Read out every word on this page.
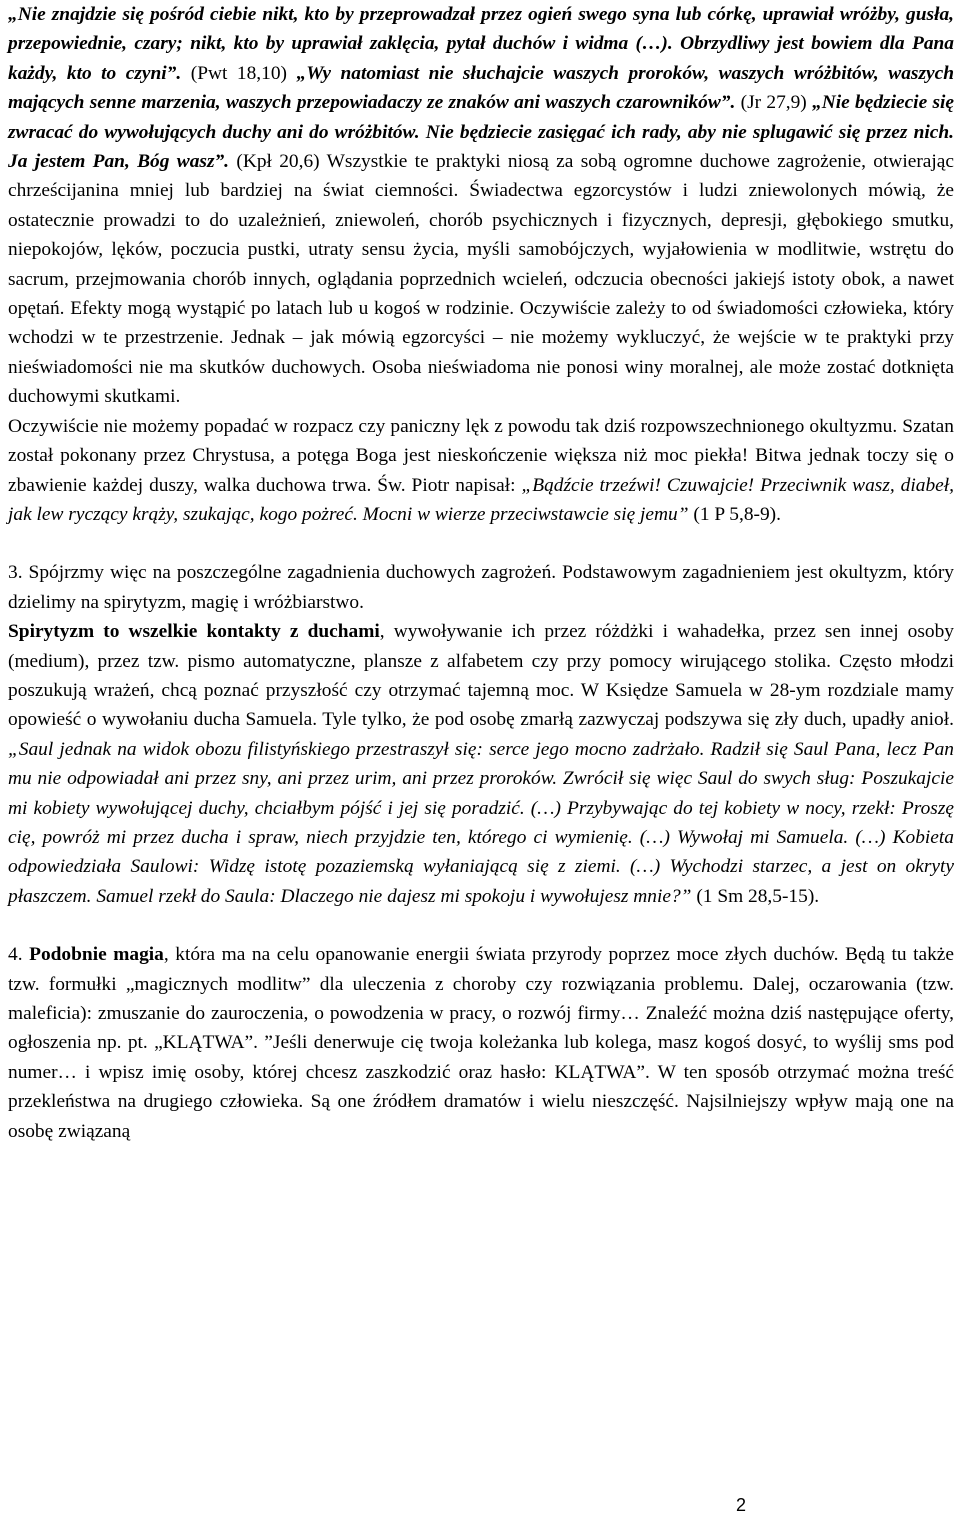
„Nie znajdzie się pośród ciebie nikt, kto by przeprowadzał przez ogień swego syna lub córkę, uprawiał wróżby, gusła, przepowiednie, czary; nikt, kto by uprawiał zaklęcia, pytał duchów i widma (…). Obrzydliwy jest bowiem dla Pana każdy, kto to czyni”. (Pwt 18,10) „Wy natomiast nie słuchajcie waszych proroków, waszych wróżbitów, waszych mających senne marzenia, waszych przepowiadaczy ze znaków ani waszych czarowników”. (Jr 27,9) „Nie będziecie się zwracać do wywołujących duchy ani do wróżbitów. Nie będziecie zasięgać ich rady, aby nie splugawić się przez nich. Ja jestem Pan, Bóg wasz”. (Kpł 20,6) Wszystkie te praktyki niosą za sobą ogromne duchowe zagrożenie, otwierając chrześcijanina mniej lub bardziej na świat ciemności. Świadectwa egzorcystów i ludzi zniewolonych mówią, że ostatecznie prowadzi to do uzależnień, zniewoleń, chorób psychicznych i fizycznych, depresji, głębokiego smutku, niepokojów, lęków, poczucia pustki, utraty sensu życia, myśli samobójczych, wyjałowienia w modlitwie, wstrętu do sacrum, przejmowania chorób innych, oglądania poprzednich wcieleń, odczucia obecności jakiejś istoty obok, a nawet opętań. Efekty mogą wystąpić po latach lub u kogoś w rodzinie. Oczywiście zależy to od świadomości człowieka, który wchodzi w te przestrzenie. Jednak – jak mówią egzorcyści – nie możemy wykluczyć, że wejście w te praktyki przy nieświadomości nie ma skutków duchowych. Osoba nieświadoma nie ponosi winy moralnej, ale może zostać dotknięta duchowymi skutkami.

Oczywiście nie możemy popadać w rozpacz czy paniczny lęk z powodu tak dziś rozpowszechnionego okultyzmu. Szatan został pokonany przez Chrystusa, a potęga Boga jest nieskończenie większa niż moc piekła! Bitwa jednak toczy się o zbawienie każdej duszy, walka duchowa trwa. Św. Piotr napisał: „Bądźcie trzeźwi! Czuwajcie! Przeciwnik wasz, diabeł, jak lew ryczący krąży, szukając, kogo pożreć. Mocni w wierze przeciwstawcie się jemu” (1 P 5,8-9).

3. Spójrzmy więc na poszczególne zagadnienia duchowych zagrożeń. Podstawowym zagadnieniem jest okultyzm, który dzielimy na spirytyzm, magię i wróżbiarstwo.

Spirytyzm to wszelkie kontakty z duchami, wywoływanie ich przez różdżki i wahadełka, przez sen innej osoby (medium), przez tzw. pismo automatyczne, plansze z alfabetem czy przy pomocy wirującego stolika. Często młodzi poszukują wrażeń, chcą poznać przyszłość czy otrzymać tajemną moc. W Księdze Samuela w 28-ym rozdziale mamy opowieść o wywołaniu ducha Samuela. Tyle tylko, że pod osobę zmarłą zazwyczaj podszywa się zły duch, upadły anioł. „Saul jednak na widok obozu filistyńskiego przestraszył się: serce jego mocno zadrżało. Radził się Saul Pana, lecz Pan mu nie odpowiadał ani przez sny, ani przez urim, ani przez proroków. Zwrócił się więc Saul do swych sług: Poszukajcie mi kobiety wywołującej duchy, chciałbym pójść i jej się poradzić. (…) Przybywając do tej kobiety w nocy, rzekł: Proszę cię, powróż mi przez ducha i spraw, niech przyjdzie ten, którego ci wymienię. (…) Wywołaj mi Samuela. (…) Kobieta odpowiedziała Saulowi: Widzę istotę pozaziemską wyłaniającą się z ziemi. (…) Wychodzi starzec, a jest on okryty płaszczem. Samuel rzekł do Saula: Dlaczego nie dajesz mi spokoju i wywołujesz mnie?” (1 Sm 28,5-15).

4. Podobnie magia, która ma na celu opanowanie energii świata przyrody poprzez moce złych duchów. Będą tu także tzw. formułki „magicznych modlitw” dla uleczenia z choroby czy rozwiązania problemu. Dalej, oczarowania (tzw. maleficia): zmuszanie do zauroczenia, o powodzenia w pracy, o rozwój firmy… Znaleźć można dziś następujące oferty, ogłoszenia np. pt. „KLĄTWA”. ”Jeśli denerwuje cię twoja koleżanka lub kolega, masz kogoś dosyć, to wyślij sms pod numer… i wpisz imię osoby, której chcesz zaszkodzić oraz hasło: KLĄTWA”. W ten sposób otrzymać można treść przekleństwa na drugiego człowieka. Są one źródłem dramatów i wielu nieszczęść. Najsilniejszy wpływ mają one na osobę związaną

2
